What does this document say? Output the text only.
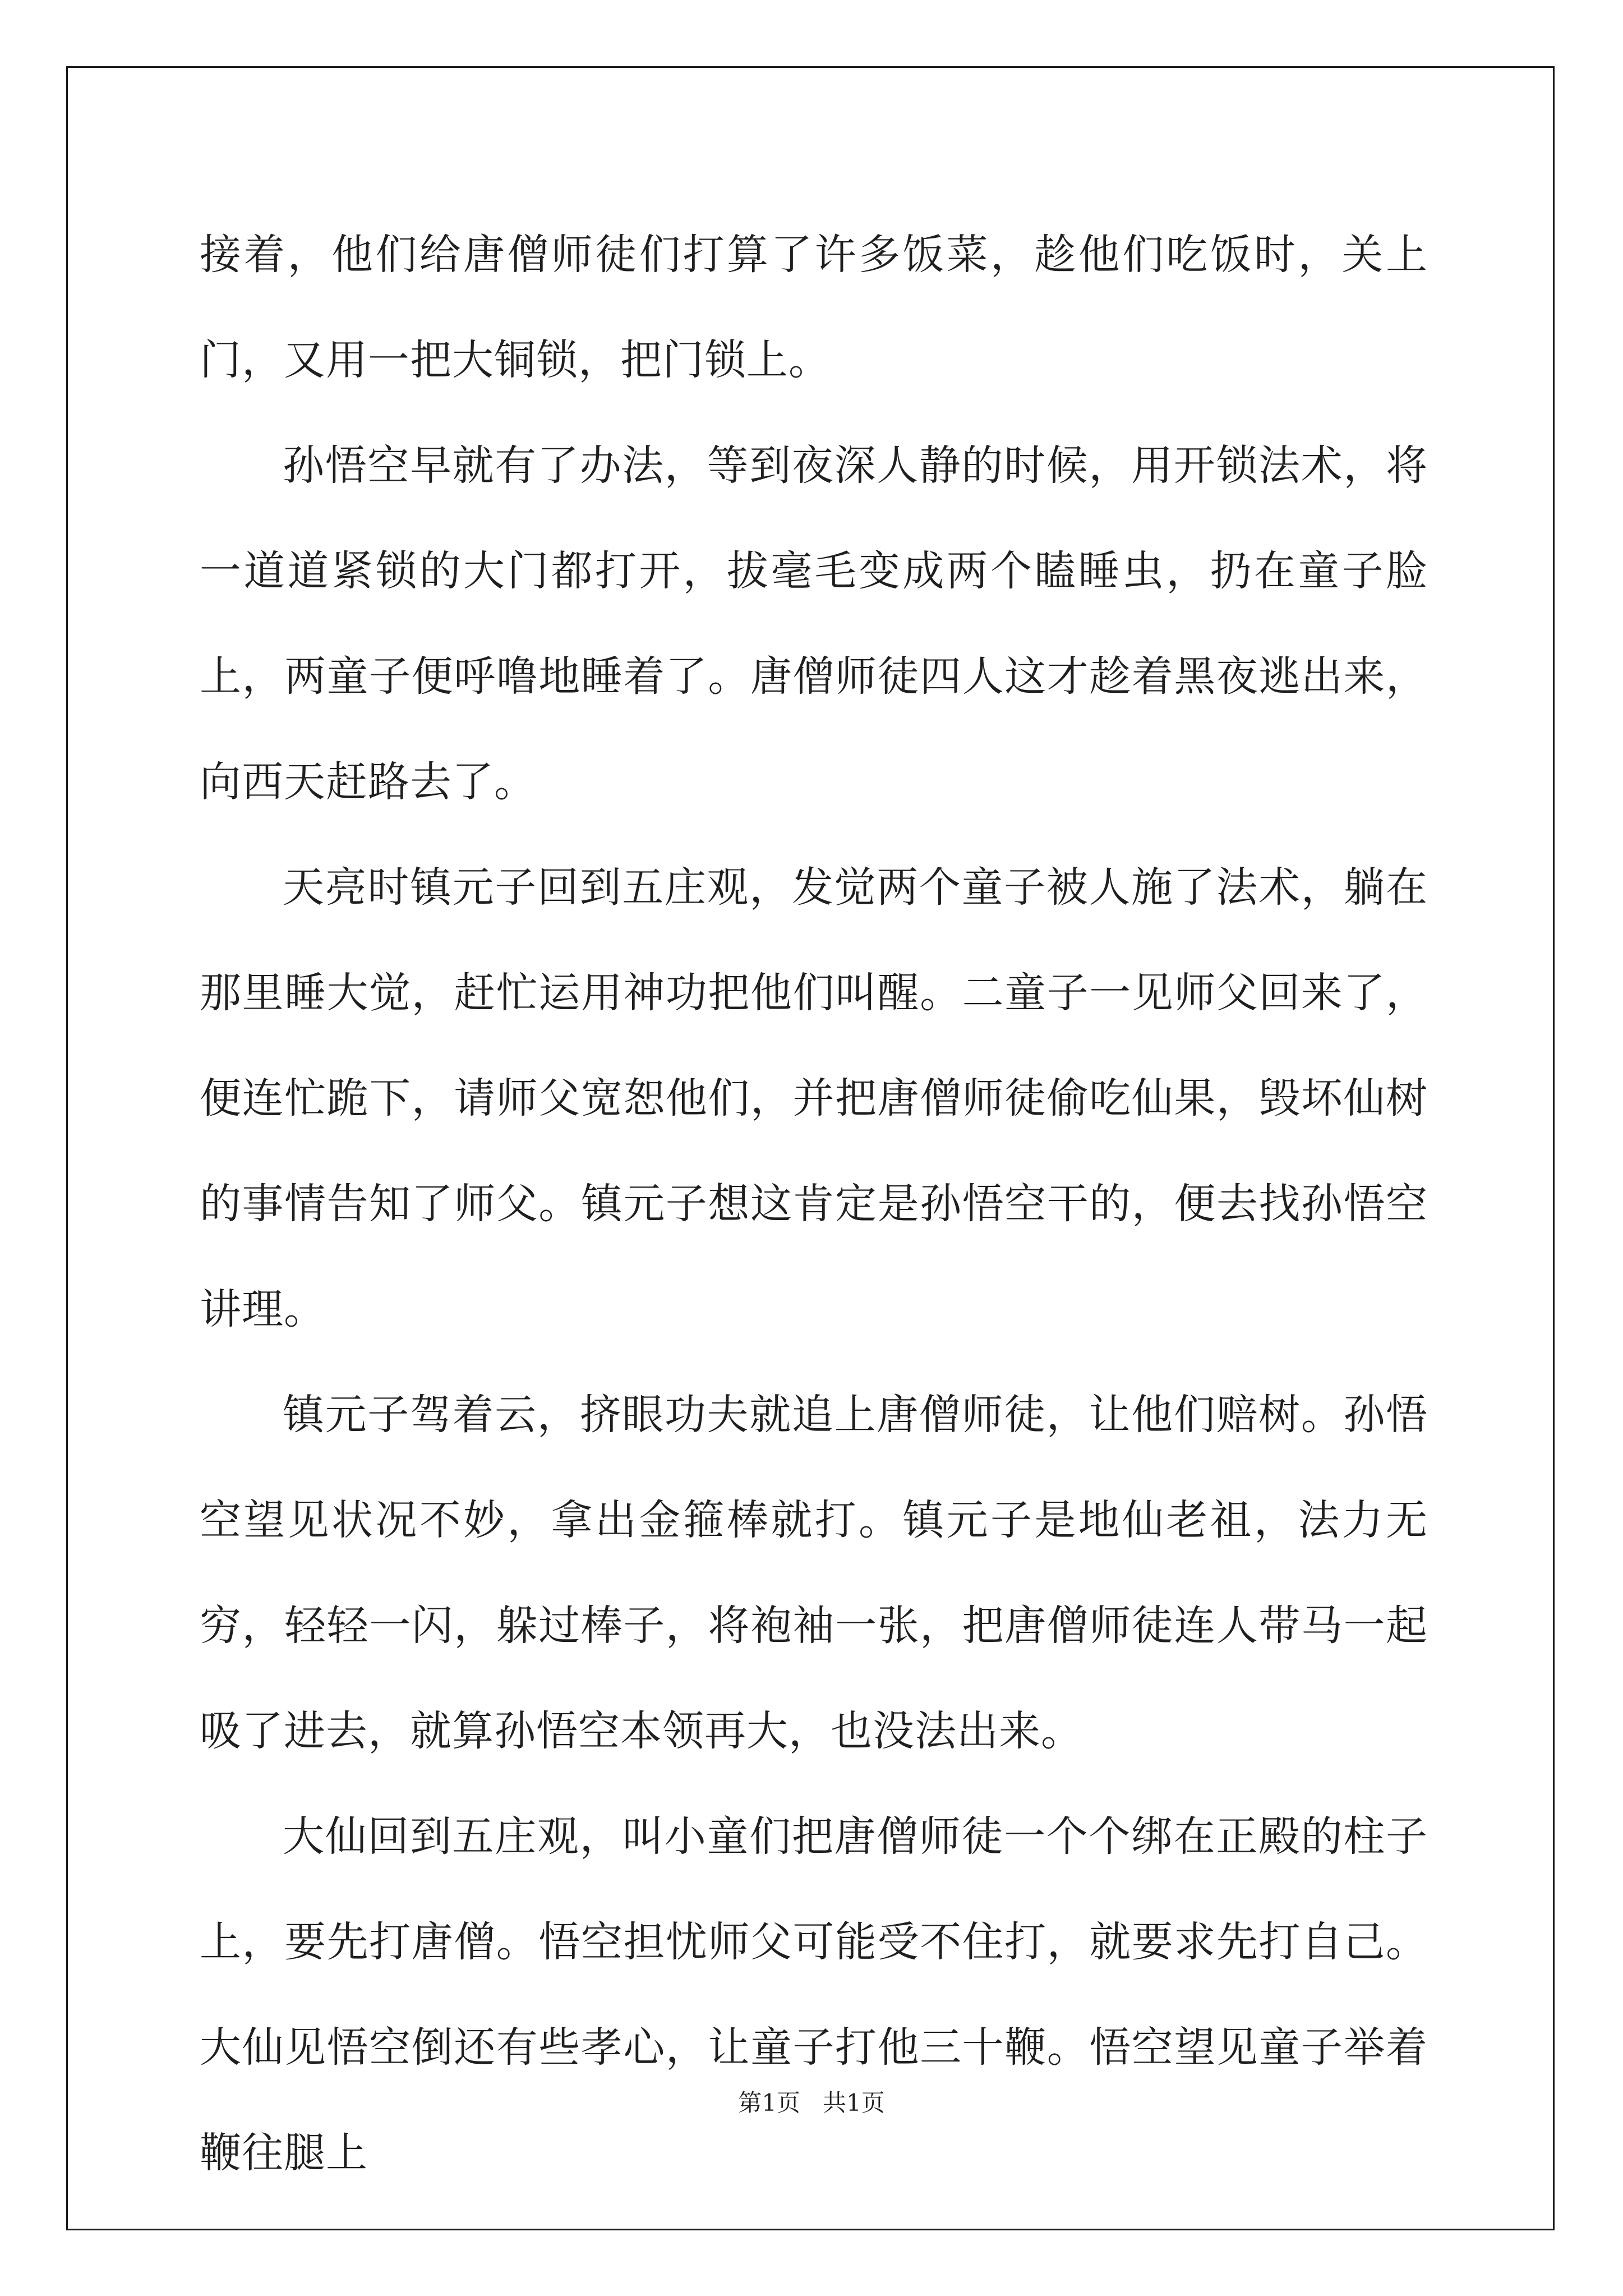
接着，他们给唐僧师徒们打算了许多饭菜，趁他们吃饭时，关上门，又用一把大铜锁，把门锁上。

孙悟空早就有了办法，等到夜深人静的时候，用开锁法术，将一道道紧锁的大门都打开，拔毫毛变成两个瞌睡虫，扔在童子脸上，两童子便呼噜地睡着了。唐僧师徒四人这才趁着黑夜逃出来，向西天赶路去了。

天亮时镇元子回到五庄观，发觉两个童子被人施了法术，躺在那里睡大觉，赶忙运用神功把他们叫醒。二童子一见师父回来了，便连忙跪下，请师父宽恕他们，并把唐僧师徒偷吃仙果，毁坏仙树的事情告知了师父。镇元子想这肯定是孙悟空干的，便去找孙悟空讲理。

镇元子驾着云，挤眼功夫就追上唐僧师徒，让他们赔树。孙悟空望见状况不妙，拿出金箍棒就打。镇元子是地仙老祖，法力无穷，轻轻一闪，躲过棒子，将袍袖一张，把唐僧师徒连人带马一起吸了进去，就算孙悟空本领再大，也没法出来。

大仙回到五庄观，叫小童们把唐僧师徒一个个绑在正殿的柱子上，要先打唐僧。悟空担忧师父可能受不住打，就要求先打自己。大仙见悟空倒还有些孝心，让童子打他三十鞭。悟空望见童子举着鞭往腿上

第1页 共1页
